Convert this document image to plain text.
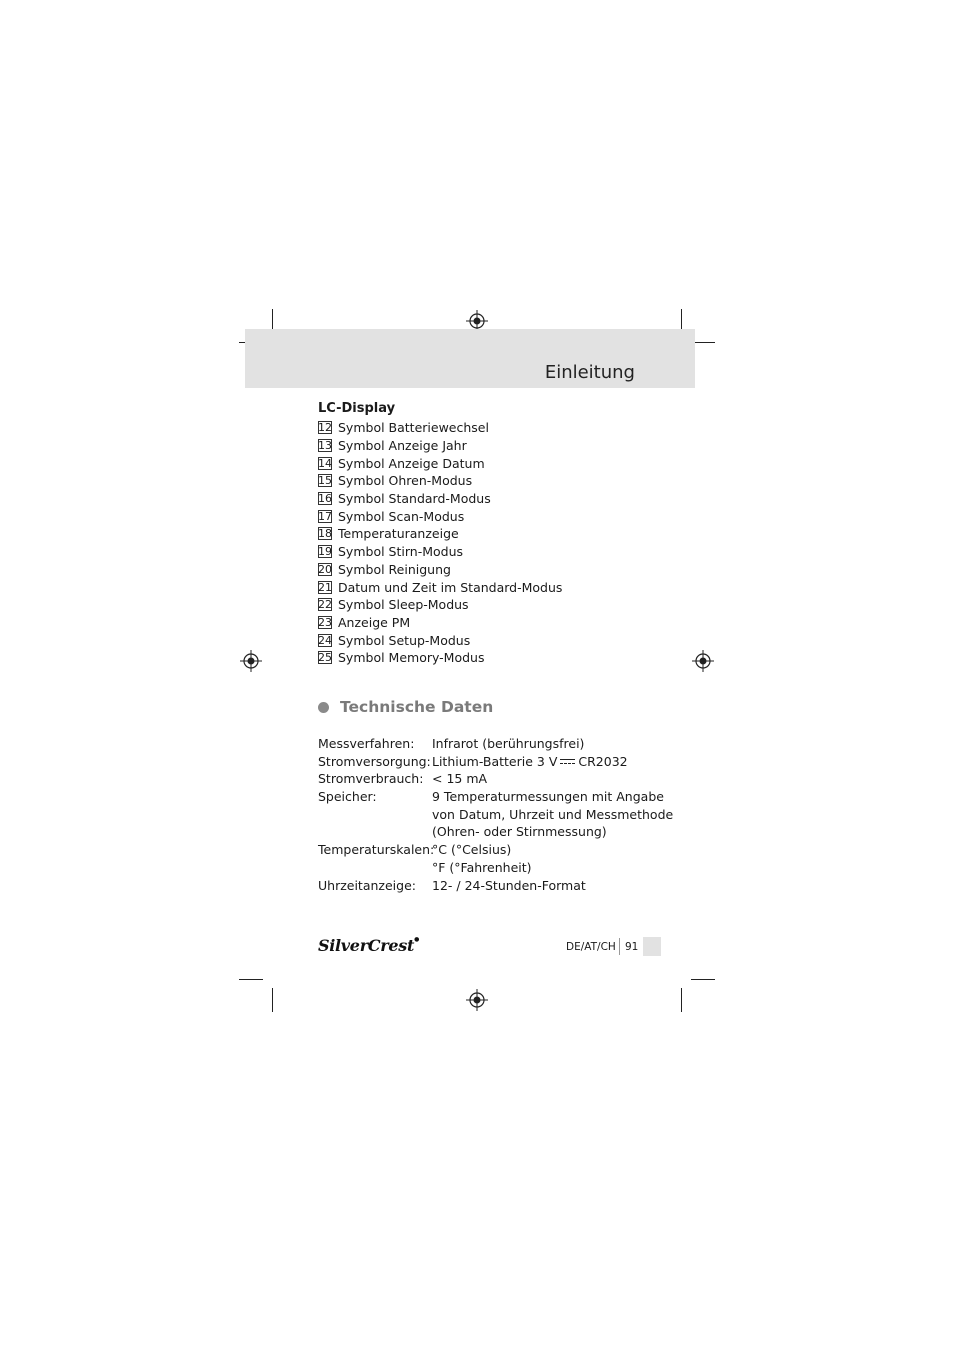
Einleitung
LC-Display
12 Symbol Batteriewechsel
13 Symbol Anzeige Jahr
14 Symbol Anzeige Datum
15 Symbol Ohren-Modus
16 Symbol Standard-Modus
17 Symbol Scan-Modus
18 Temperaturanzeige
19 Symbol Stirn-Modus
20 Symbol Reinigung
21 Datum und Zeit im Standard-Modus
22 Symbol Sleep-Modus
23 Anzeige PM
24 Symbol Setup-Modus
25 Symbol Memory-Modus
Technische Daten
Messverfahren:	Infrarot (berührungsfrei)
Stromversorgung: Lithium-Batterie 3 V CR2032
Stromverbrauch: < 15 mA
Speicher:	9 Temperaturmessungen mit Angabe
von Datum, Uhrzeit und Messmethode
(Ohren- oder Stirnmessung)
Temperaturskalen:
°C (°Celsius)
°F (°Fahrenheit)
Uhrzeitanzeige:	12- / 24-Stunden-Format
SilverCrest●
DE/AT/CH 91
